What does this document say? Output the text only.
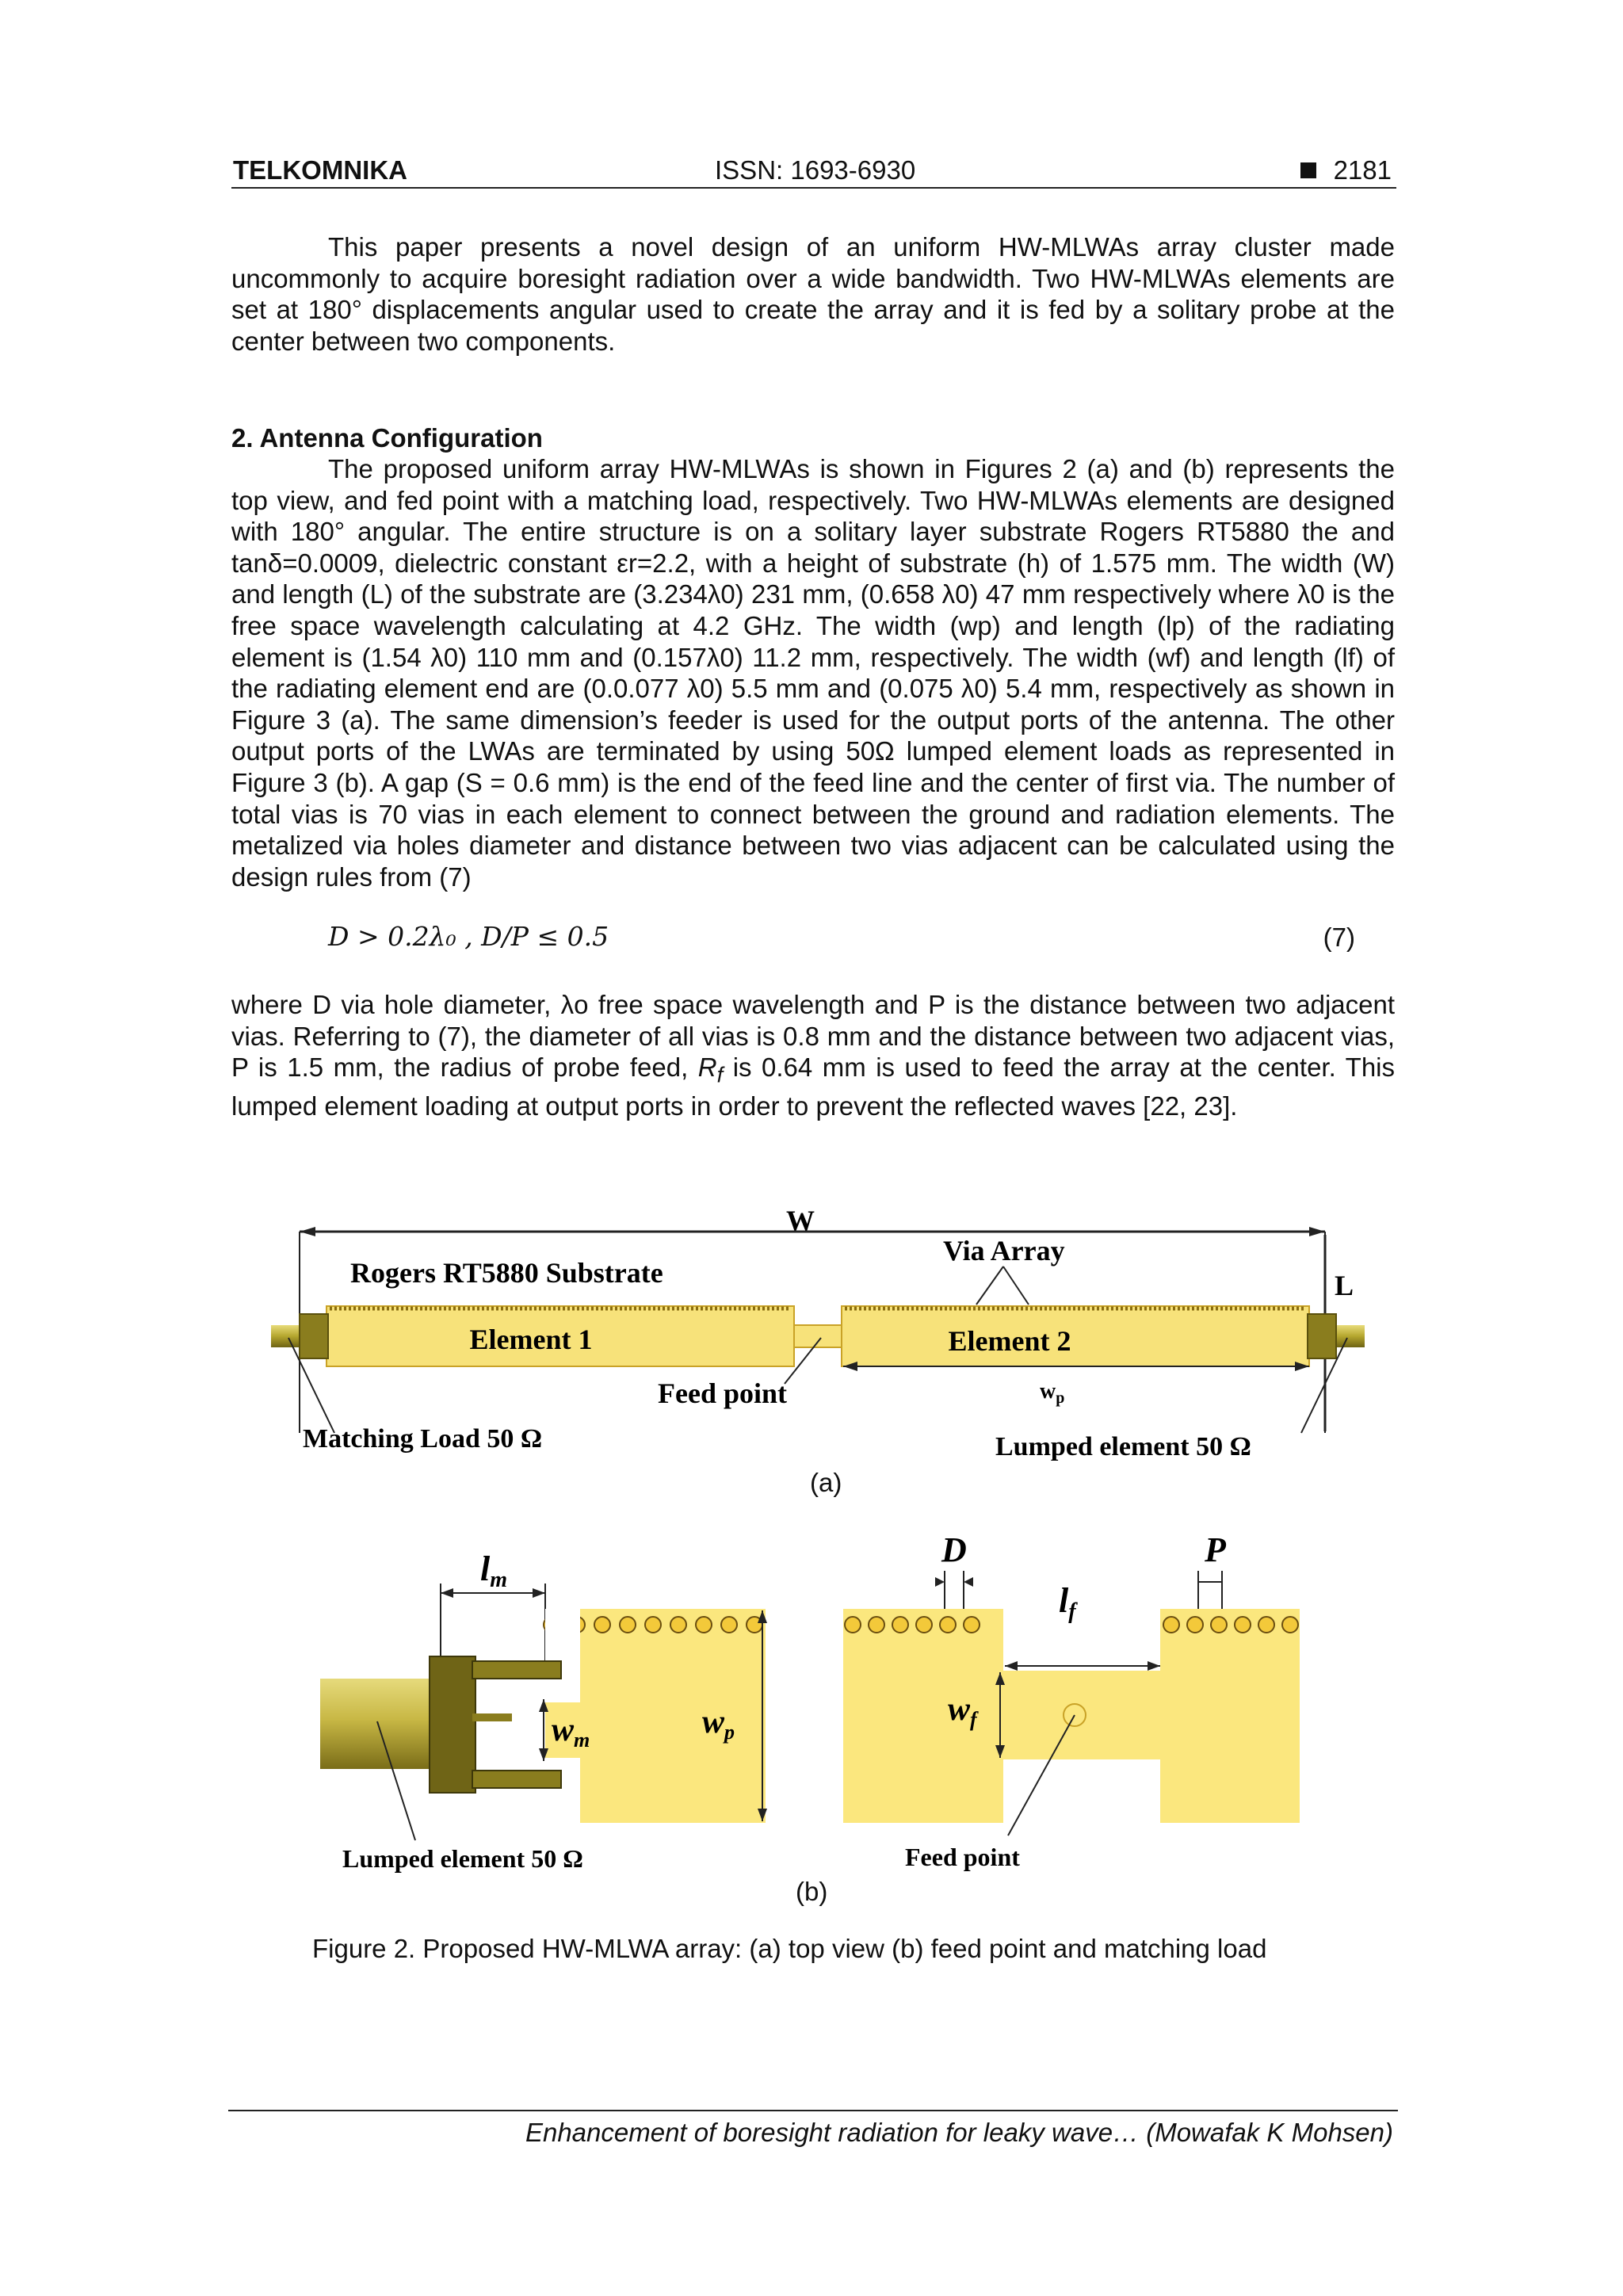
TELKOMNIKA	ISSN: 1693-6930	2181
This paper presents a novel design of an uniform HW-MLWAs array cluster made uncommonly to acquire boresight radiation over a wide bandwidth. Two HW-MLWAs elements are set at 180° displacements angular used to create the array and it is fed by a solitary probe at the center between two components.
2. Antenna Configuration
The proposed uniform array HW-MLWAs is shown in Figures 2 (a) and (b) represents the top view, and fed point with a matching load, respectively. Two HW-MLWAs elements are designed with 180° angular. The entire structure is on a solitary layer substrate Rogers RT5880 the and tanδ=0.0009, dielectric constant εr=2.2, with a height of substrate (h) of 1.575 mm. The width (W) and length (L) of the substrate are (3.234λ0) 231 mm, (0.658 λ0) 47 mm respectively where λ0 is the free space wavelength calculating at 4.2 GHz. The width (wp) and length (lp) of the radiating element is (1.54 λ0) 110 mm and (0.157λ0) 11.2 mm, respectively. The width (wf) and length (lf) of the radiating element end are (0.0.077 λ0) 5.5 mm and (0.075 λ0) 5.4 mm, respectively as shown in Figure 3 (a). The same dimension’s feeder is used for the output ports of the antenna. The other output ports of the LWAs are terminated by using 50Ω lumped element loads as represented in Figure 3 (b). A gap (S = 0.6 mm) is the end of the feed line and the center of first via. The number of total vias is 70 vias in each element to connect between the ground and radiation elements. The metalized via holes diameter and distance between two vias adjacent can be calculated using the design rules from (7)
D > 0.2λ₀ , D/P ≤ 0.5	(7)
where D via hole diameter, λo free space wavelength and P is the distance between two adjacent vias. Referring to (7), the diameter of all vias is 0.8 mm and the distance between two adjacent vias, P is 1.5 mm, the radius of probe feed, $R_f$ is 0.64 mm is used to feed the array at the center. This lumped element loading at output ports in order to prevent the reflected waves [22, 23].
W
L
Rogers RT5880 Substrate
Via Array
Element 1	Element 2
Feed point	$w_p$
Matching Load 50 Ω	Lumped element 50 Ω
(a)
lm
wm	wp
Lumped element 50 Ω
D	P
lf
wf
Feed point
(b)
Figure 2. Proposed HW-MLWA array: (a) top view (b) feed point and matching load
Enhancement of boresight radiation for leaky wave… (Mowafak K Mohsen)
